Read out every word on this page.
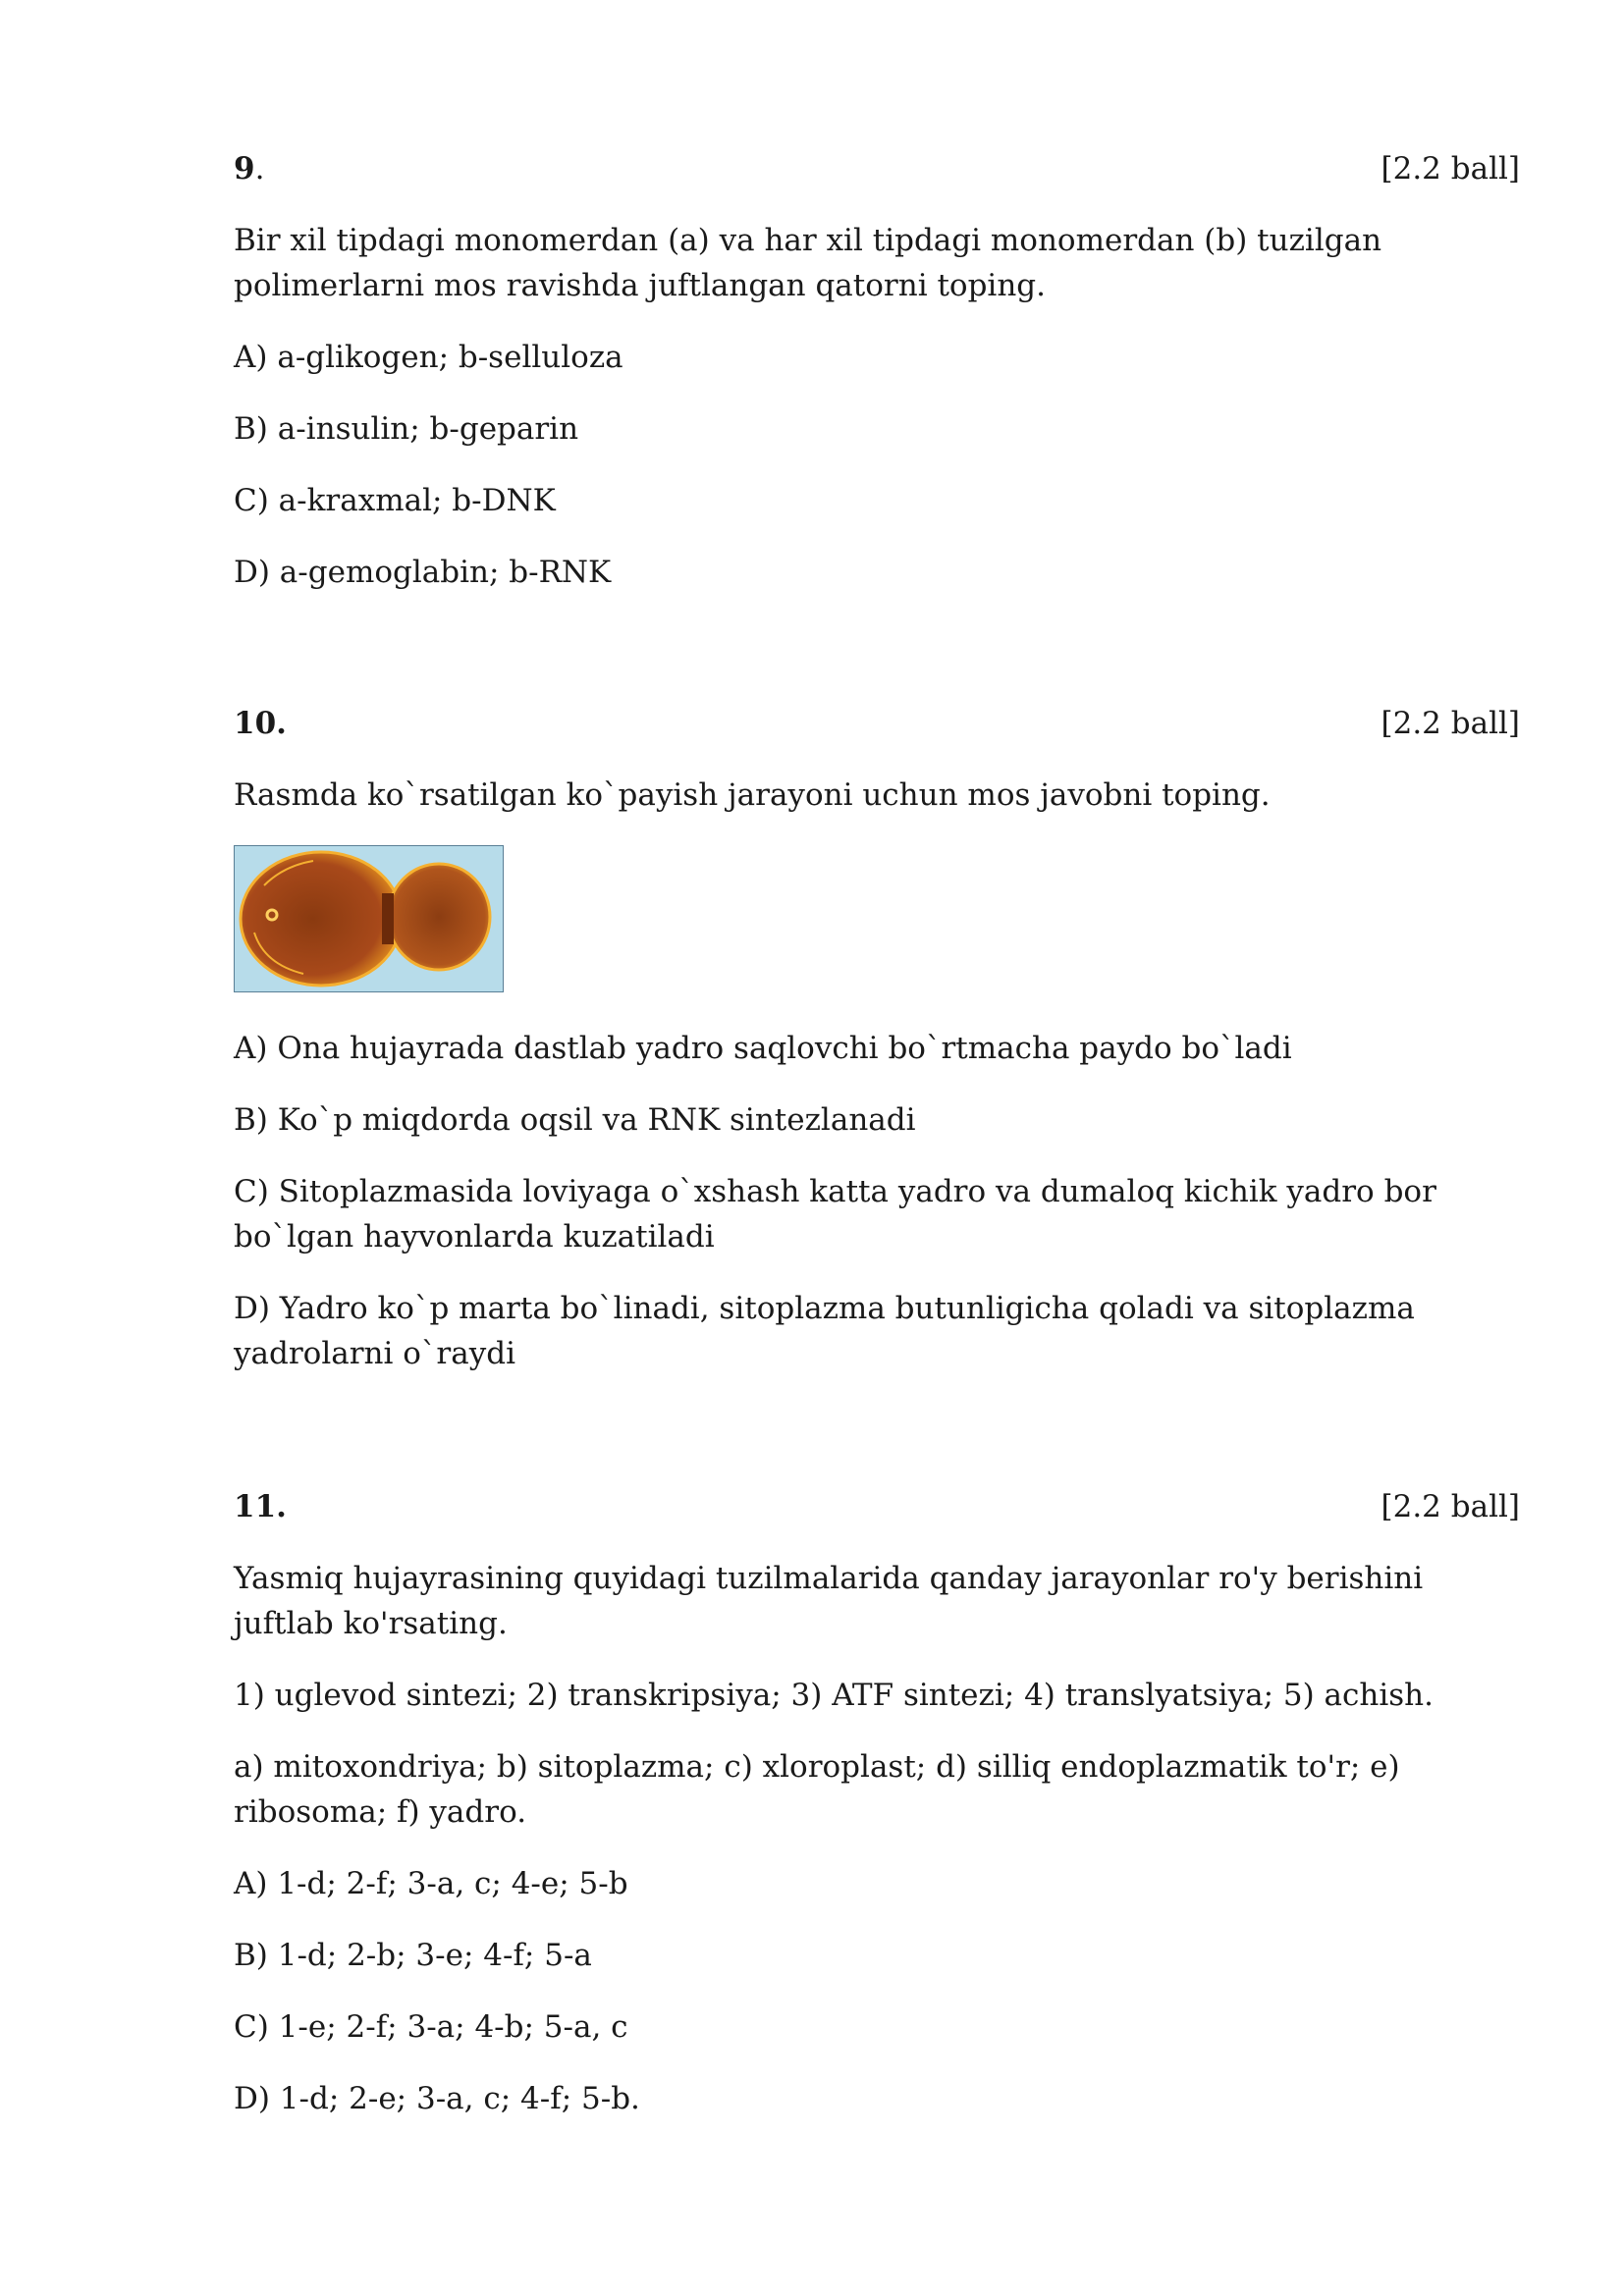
9.	[2.2 ball]

Bir xil tipdagi monomerdan (a) va har xil tipdagi monomerdan (b) tuzilgan polimerlarni mos ravishda juftlangan qatorni toping.

A) a-glikogen; b-selluloza

B) a-insulin; b-geparin

C) a-kraxmal; b-DNK

D) a-gemoglabin; b-RNK

10.	[2.2 ball]

Rasmda ko`rsatilgan ko`payish jarayoni uchun mos javobni toping.

A) Ona hujayrada dastlab yadro saqlovchi bo`rtmacha paydo bo`ladi

B) Ko`p miqdorda oqsil va RNK sintezlanadi

C) Sitoplazmasida loviyaga o`xshash katta yadro va dumaloq kichik yadro bor bo`lgan hayvonlarda kuzatiladi

D) Yadro ko`p marta bo`linadi, sitoplazma butunligicha qoladi va sitoplazma yadrolarni o`raydi

11.	[2.2 ball]

Yasmiq hujayrasining quyidagi tuzilmalarida qanday jarayonlar ro'y berishini juftlab ko'rsating.

1) uglevod sintezi; 2) transkripsiya; 3) ATF sintezi; 4) translyatsiya; 5) achish.

a) mitoxondriya; b) sitoplazma; c) xloroplast; d) silliq endoplazmatik to'r; e) ribosoma; f) yadro.

A) 1-d; 2-f; 3-a, c; 4-e; 5-b

B) 1-d; 2-b; 3-e; 4-f; 5-a

C) 1-e; 2-f; 3-a; 4-b; 5-a, c

D) 1-d; 2-e; 3-a, c; 4-f; 5-b.
